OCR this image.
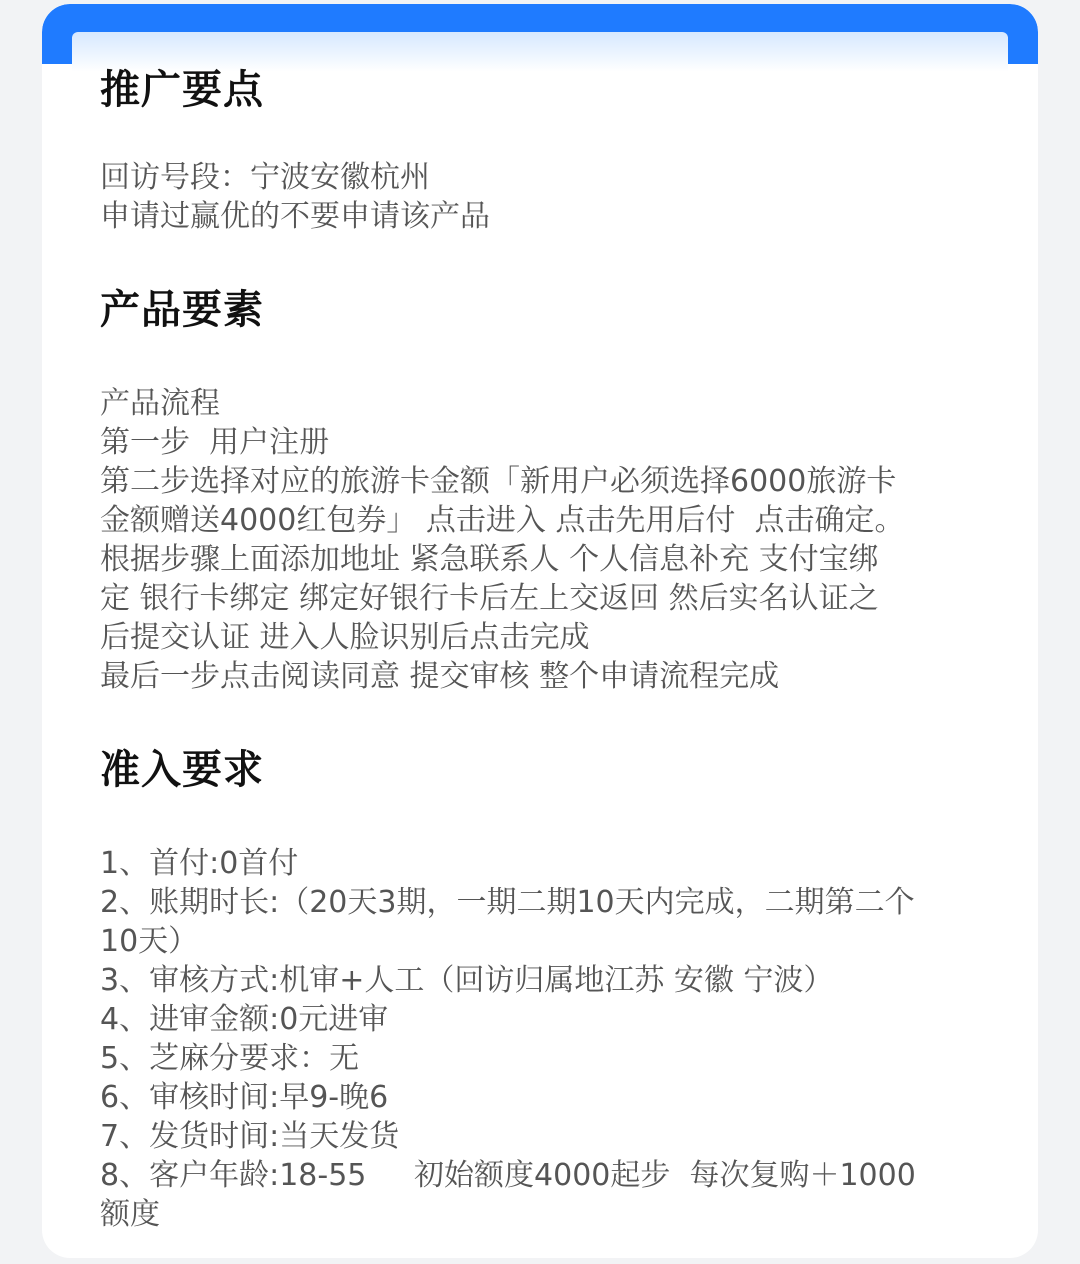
推广要点
回访号段：宁波安徽杭州
申请过赢优的不要申请该产品
产品要素
产品流程
第一步  用户注册
第二步选择对应的旅游卡金额「新用户必须选择6000旅游卡
金额赠送4000红包券」 点击进入 点击先用后付  点击确定。
根据步骤上面添加地址 紧急联系人 个人信息补充 支付宝绑
定 银行卡绑定 绑定好银行卡后左上交返回 然后实名认证之
后提交认证 进入人脸识别后点击完成
最后一步点击阅读同意 提交审核 整个申请流程完成
准入要求
1、首付:0首付
2、账期时长:（20天3期，一期二期10天内完成，二期第二个
10天）
3、审核方式:机审+人工（回访归属地江苏 安徽 宁波）
4、进审金额:0元进审
5、芝麻分要求：无
6、审核时间:早9-晚6
7、发货时间:当天发货
8、客户年龄:18-55     初始额度4000起步  每次复购＋1000
额度
